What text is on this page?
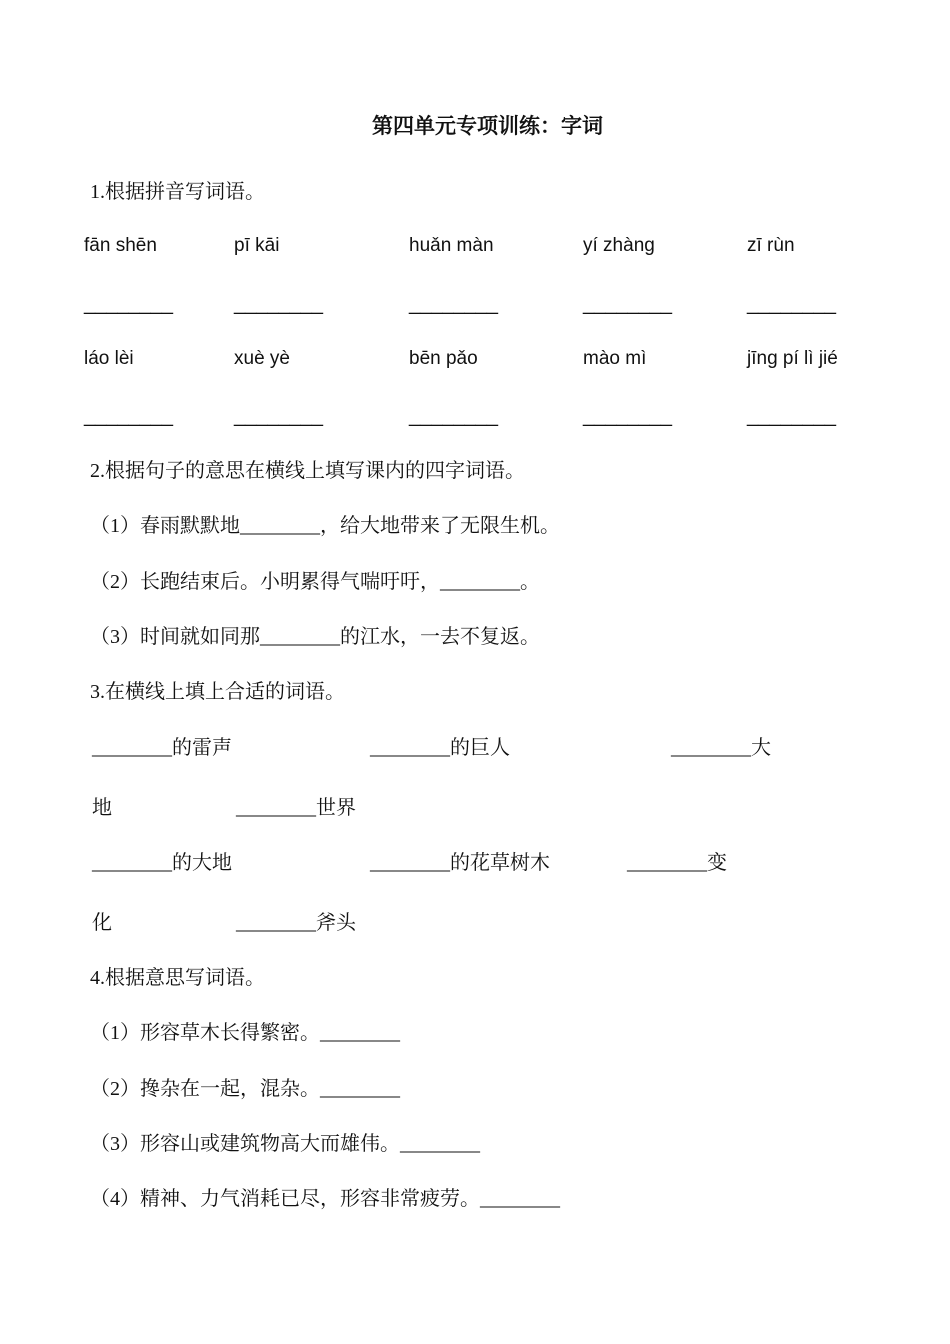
第四单元专项训练：字词
1.根据拼音写词语。
fān shēn	pī kāi	huǎn màn	yí zhàng	zī rùn
________	________	________	________	________
láo lèi	xuè yè	bēn pǎo	mào mì	jīng pí lì jié
________	________	________	________	________
2.根据句子的意思在横线上填写课内的四字词语。
（1）春雨默默地________，给大地带来了无限生机。
（2）长跑结束后。小明累得气喘吁吁，________。
（3）时间就如同那________的江水，一去不复返。
3.在横线上填上合适的词语。
________的雷声	________的巨人	________大
地	________世界
________的大地	________的花草树木	________变
化	________斧头
4.根据意思写词语。
（1）形容草木长得繁密。________
（2）搀杂在一起，混杂。________
（3）形容山或建筑物高大而雄伟。________
（4）精神、力气消耗已尽，形容非常疲劳。________
